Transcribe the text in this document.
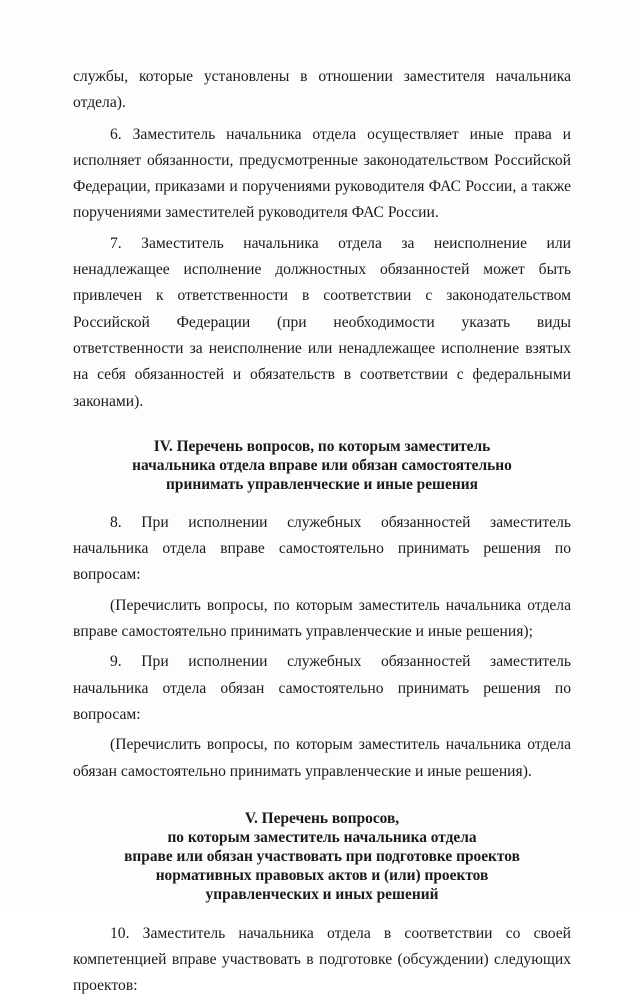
службы, которые установлены в отношении заместителя начальника отдела).

6. Заместитель начальника отдела осуществляет иные права и исполняет обязанности, предусмотренные законодательством Российской Федерации, приказами и поручениями руководителя ФАС России, а также поручениями заместителей руководителя ФАС России.

7. Заместитель начальника отдела за неисполнение или ненадлежащее исполнение должностных обязанностей может быть привлечен к ответственности в соответствии с законодательством Российской Федерации (при необходимости указать виды ответственности за неисполнение или ненадлежащее исполнение взятых на себя обязанностей и обязательств в соответствии с федеральными законами).

IV. Перечень вопросов, по которым заместитель
начальника отдела вправе или обязан самостоятельно
принимать управленческие и иные решения

8. При исполнении служебных обязанностей заместитель начальника отдела вправе самостоятельно принимать решения по вопросам:

(Перечислить вопросы, по которым заместитель начальника отдела вправе самостоятельно принимать управленческие и иные решения);

9. При исполнении служебных обязанностей заместитель начальника отдела обязан самостоятельно принимать решения по вопросам:

(Перечислить вопросы, по которым заместитель начальника отдела обязан самостоятельно принимать управленческие и иные решения).

V. Перечень вопросов,
по которым заместитель начальника отдела
вправе или обязан участвовать при подготовке проектов
нормативных правовых актов и (или) проектов
управленческих и иных решений

10. Заместитель начальника отдела в соответствии со своей компетенцией вправе участвовать в подготовке (обсуждении) следующих проектов:
